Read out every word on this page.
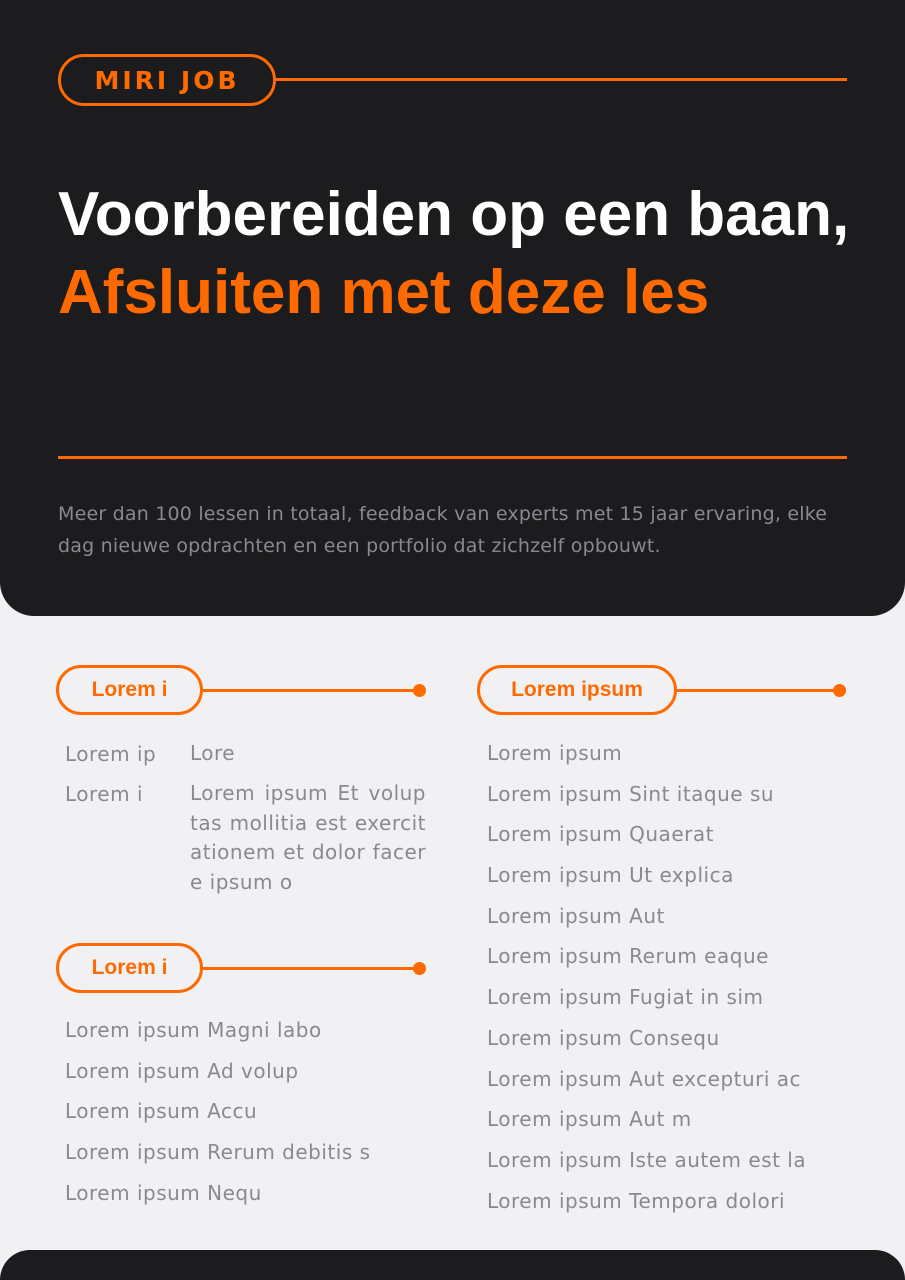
MIRI JOB
Voorbereiden op een baan,
Afsluiten met deze les

Meer dan 100 lessen in totaal, feedback van experts met 15 jaar ervaring, elke dag nieuwe opdrachten en een portfolio dat zichzelf opbouwt.

Lorem i
Lorem ip Lore
Lorem i Lorem ipsum Et voluptas mollitia est exercitationem et dolor facere ipsum o
Lorem i
Lorem ipsum Magni labo
Lorem ipsum Ad volup
Lorem ipsum Accu
Lorem ipsum Rerum debitis s
Lorem ipsum Nequ
Lorem ipsum
Lorem ipsum
Lorem ipsum Sint itaque su
Lorem ipsum Quaerat
Lorem ipsum Ut explica
Lorem ipsum Aut
Lorem ipsum Rerum eaque
Lorem ipsum Fugiat in sim
Lorem ipsum Consequ
Lorem ipsum Aut excepturi ac
Lorem ipsum Aut m
Lorem ipsum Iste autem est la
Lorem ipsum Tempora dolori
